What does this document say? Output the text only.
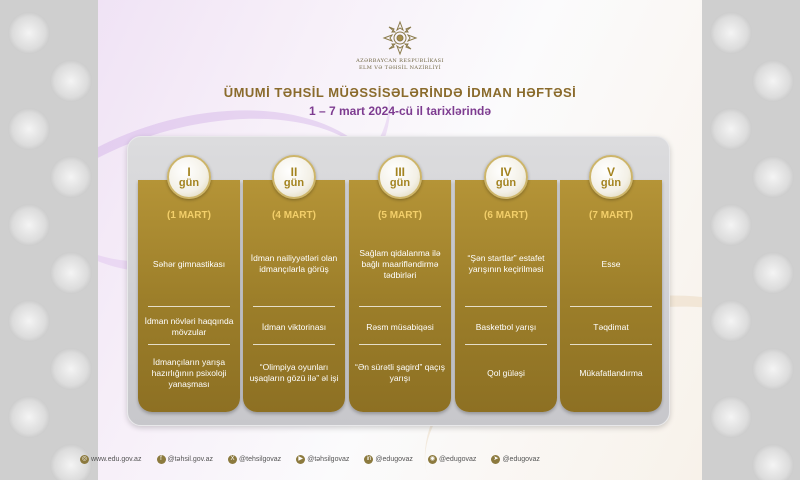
AZƏRBAYCAN RESPUBLİKASI
ELM VƏ TƏHSİL NAZİRLİYİ
ÜMUMİ TƏHSİL MÜƏSSİSƏLƏRİNDƏ İDMAN HƏFTƏSİ
1 – 7 mart 2024-cü il tarixlərində
(1 MART)
Səhər gimnastikası
İdman növləri haqqında mövzular
İdmançıların yarışa hazırlığının psixoloji yanaşması
(4 MART)
İdman nailiyyətləri olan idmançılarla görüş
İdman viktorinası
“Olimpiya oyunları uşaqların gözü ilə” əl işi
(5 MART)
Sağlam qidalanma ilə bağlı maarifləndirmə tədbirləri
Rəsm müsabiqəsi
“Ən sürətli şagird” qaçış yarışı
(6 MART)
“Şən startlar” estafet yarışının keçirilməsi
Basketbol yarışı
Qol güləşi
(7 MART)
Esse
Təqdimat
Mükafatlandırma
I
gün
II
gün
III
gün
IV
gün
V
gün
◎ www.edu.gov.az	f @təhsil.gov.az	X @tehsilgovaz	▶ @təhsilgovaz	in @edugovaz	◉ @edugovaz	➤ @edugovaz
